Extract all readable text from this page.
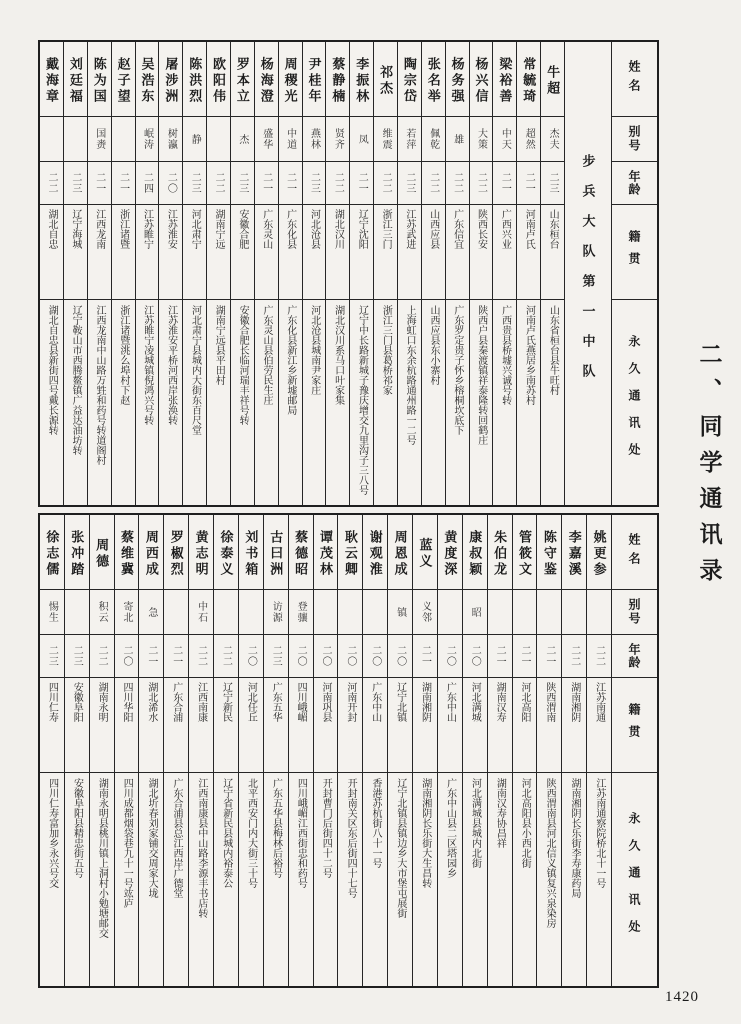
姓名
别号
年龄
籍贯
永久通讯处
步兵大队第一中队
牛超
杰夫
二三
山东桓台
山东省桓台县牛旺村
常毓琦
超然
二一
河南卢氏
河南卢氏燕居乡南苏村
梁裕善
中天
二一
广西兴业
广西贵县桥墟兴诚号转
杨兴信
大策
二二
陕西长安
陕西户县秦渡镇祥泰隆转回鹤庄
杨务强
雄
二二
广东信宜
广东罗定贵子怀乡榕桐坎底下
张名举
佩乾
二二
山西应县
山西应县东小寨村
陶宗岱
若萍
二三
江苏武进
上海虹口东余杭路通州路一二号
祁杰
维震
二二
浙江三门
浙江三门县葛桥祁家
李振林
凤
二一
辽宁沈阳
辽宁中长路新城子豫庆增交九里沟子三八号
蔡静楠
贤齐
二二
湖北汉川
湖北汉川系马口叶家集
尹桂年
燕林
二三
河北沧县
河北沧县城南尹家庄
周稷光
中道
二一
广东化县
广东化县新江乡新墟邮局
杨海澄
盛华
二一
广东灵山
广东灵山县伯劳民生庄
罗本立
杰
二三
安徽合肥
安徽合肥长临河瑞丰祥号转
欧阳伟
二二
湖南宁远
湖南宁远县平田村
陈洪烈
静
二三
河北肃宁
河北肃宁县城内大街东百尺堂
屠涉洲
树瀛
二〇
江苏淮安
江苏淮安平桥河西岸张涣转
吴浩东
岷涛
二四
江苏睢宁
江苏睢宁凌城镇倪鸿兴号转
赵子望
二一
浙江诸暨
浙江诸暨洮么埠村下赵
陈为国
国赉
二一
江西龙南
江西龙南中山路万甡和药号转道阁村
刘廷福
二三
辽宁海城
辽宁鞍山市西腾鳌镇广益达油坊转
戴海章
二二
湖北自忠
湖北自忠县新街四号戴长源转
姓名
别号
年龄
籍贯
永久通讯处
姚更参
二二
江苏南通
江苏南通察院桥北十一号
李嘉溪
二二
湖南湘阴
湖南湘阴长乐街李寿康药局
陈守鉴
二一
陕西渭南
陕西渭南县河北信义镇复兴泉染房
管筱文
二一
河北高阳
河北高阳县小西北街
朱伯龙
二一
湖南汉寿
湖南汉寿协昌祥
康叔颖
昭
二〇
河北满城
河北满城县城内北街
黄度深
二〇
广东中山
广东中山县二区塔园乡
蓝义
义邻
二一
湖南湘阴
湖南湘阴长乐街大生昌转
周恩成
镇
二〇
辽宁北镇
辽宁北镇县镇边乡大市堡屯展街
谢观淮
二〇
广东中山
香港苏杭街八十一号
耿云卿
二〇
河南开封
开封南关区东后街四十七号
谭茂林
二〇
河南巩县
开封曹门后街四十二号
蔡德昭
登骧
二〇
四川峨嵋
四川峨嵋江西街忠和药号
古曰洲
访源
二三
广东五华
广东五华县梅林后裕号
刘书箱
二〇
河北任丘
北平西安门内大街三十号
徐泰义
二二
辽宁新民
辽宁省新民县城内裕泰公
黄志明
中石
二二
江西南康
江西南康县中山路李源丰书店转
罗椒烈
二一
广东合浦
广东合浦县总江西岸广德堂
周西成
急
二一
湖北浠水
湖北圻春刘家铺交周家大垅
蔡维冀
寄北
二〇
四川华阳
四川成都烟袋巷九十一号竑庐
周德
积云
二二
湖南永明
湖南永明县桃川镇上洞村小勉塘邮交
张冲踏
二三
安徽阜阳
安徽阜阳县精忠街五号
徐志儒
惕生
二三
四川仁寿
四川仁寿富加乡永兴号交
二、同学通讯录
1420
